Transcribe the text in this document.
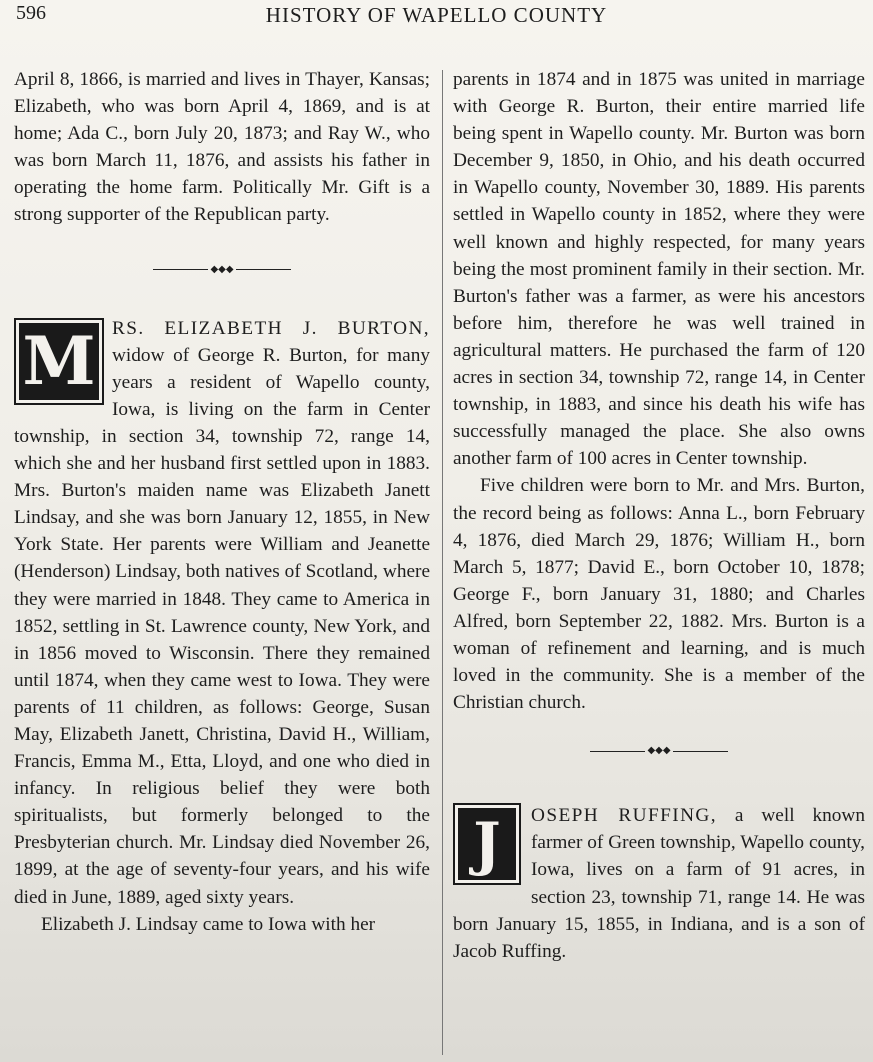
596	HISTORY OF WAPELLO COUNTY

April 8, 1866, is married and lives in Thayer, Kansas; Elizabeth, who was born April 4, 1869, and is at home; Ada C., born July 20, 1873; and Ray W., who was born March 11, 1876, and assists his father in operating the home farm. Politically Mr. Gift is a strong supporter of the Republican party.

◆◆◆

M RS. ELIZABETH J. BURTON, widow of George R. Burton, for many years a resident of Wapello county, Iowa, is living on the farm in Center township, in section 34, township 72, range 14, which she and her husband first settled upon in 1883. Mrs. Burton's maiden name was Elizabeth Janett Lindsay, and she was born January 12, 1855, in New York State. Her parents were William and Jeanette (Henderson) Lindsay, both natives of Scotland, where they were married in 1848. They came to America in 1852, settling in St. Lawrence county, New York, and in 1856 moved to Wisconsin. There they remained until 1874, when they came west to Iowa. They were parents of 11 children, as follows: George, Susan May, Elizabeth Janett, Christina, David H., William, Francis, Emma M., Etta, Lloyd, and one who died in infancy. In religious belief they were both spiritualists, but formerly belonged to the Presbyterian church. Mr. Lindsay died November 26, 1899, at the age of seventy-four years, and his wife died in June, 1889, aged sixty years.

Elizabeth J. Lindsay came to Iowa with her

parents in 1874 and in 1875 was united in marriage with George R. Burton, their entire married life being spent in Wapello county. Mr. Burton was born December 9, 1850, in Ohio, and his death occurred in Wapello county, November 30, 1889. His parents settled in Wapello county in 1852, where they were well known and highly respected, for many years being the most prominent family in their section. Mr. Burton's father was a farmer, as were his ancestors before him, therefore he was well trained in agricultural matters. He purchased the farm of 120 acres in section 34, township 72, range 14, in Center township, in 1883, and since his death his wife has successfully managed the place. She also owns another farm of 100 acres in Center township.

Five children were born to Mr. and Mrs. Burton, the record being as follows: Anna L., born February 4, 1876, died March 29, 1876; William H., born March 5, 1877; David E., born October 10, 1878; George F., born January 31, 1880; and Charles Alfred, born September 22, 1882. Mrs. Burton is a woman of refinement and learning, and is much loved in the community. She is a member of the Christian church.

◆◆◆

J	OSEPH RUFFING, a well known farmer of Green township, Wapello county, Iowa, lives on a farm of 91 acres, in section 23, township 71, range 14. He was born January 15, 1855, in Indiana, and is a son of Jacob Ruffing.
